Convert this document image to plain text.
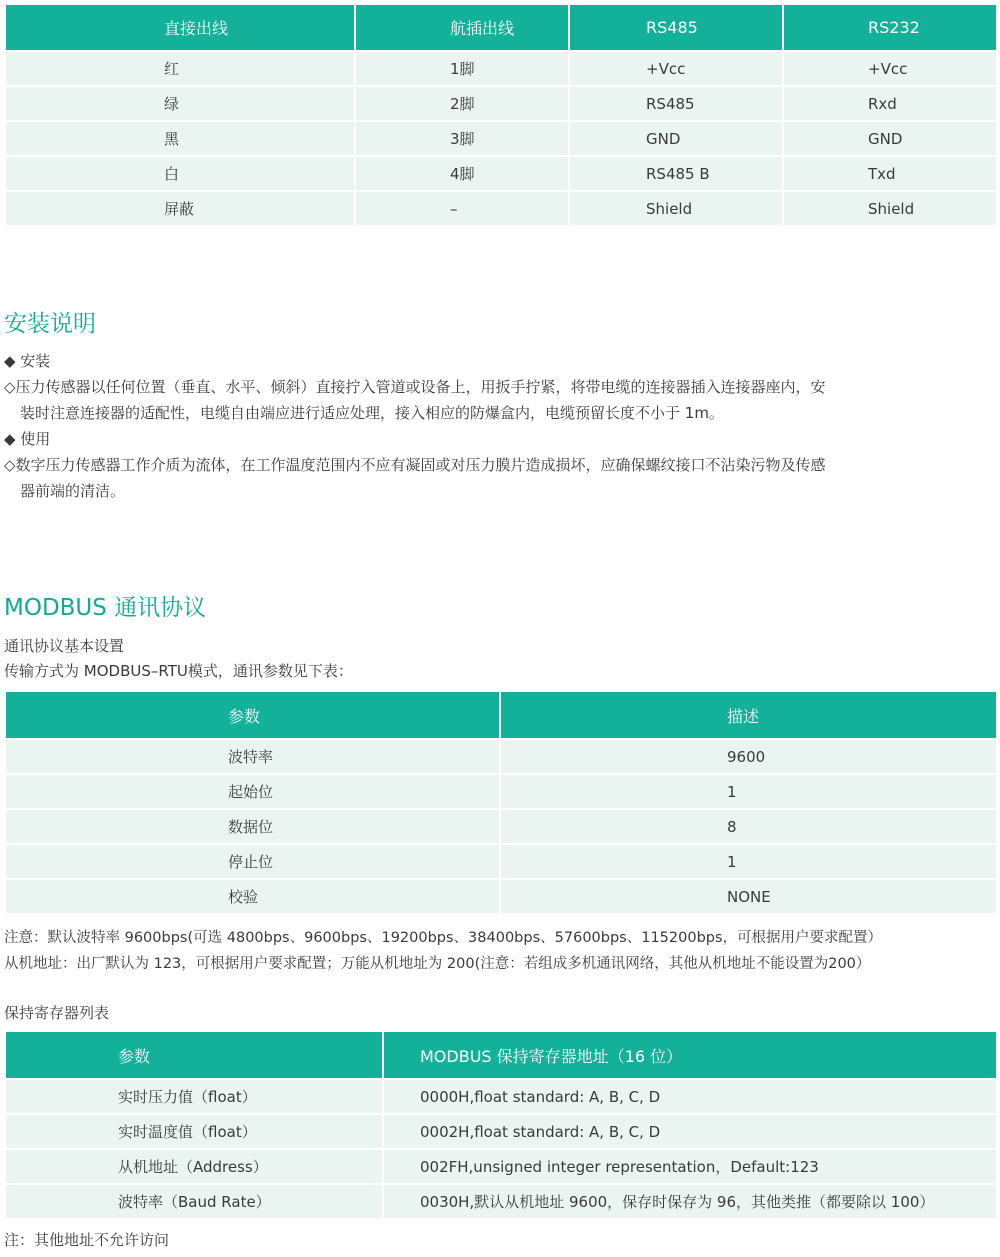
直接出线	航插出线	RS485	RS232
红	1脚	+Vcc	+Vcc
绿	2脚	RS485	Rxd
黑	3脚	GND	GND
白	4脚	RS485 B	Txd
屏蔽	–	Shield	Shield
安装说明
◆ 安装
◇压力传感器以任何位置（垂直、水平、倾斜）直接拧入管道或设备上，用扳手拧紧，将带电缆的连接器插入连接器座内，安
装时注意连接器的适配性，电缆自由端应进行适应处理，接入相应的防爆盒内，电缆预留长度不小于 1m。
◆ 使用
◇数字压力传感器工作介质为流体，在工作温度范围内不应有凝固或对压力膜片造成损坏，应确保螺纹接口不沾染污物及传感
器前端的清洁。
MODBUS 通讯协议
通讯协议基本设置
传输方式为 MODBUS–RTU模式，通讯参数见下表：
参数	描述
波特率	9600
起始位	1
数据位	8
停止位	1
校验	NONE
注意：默认波特率 9600bps(可选 4800bps、9600bps、19200bps、38400bps、57600bps、115200bps，可根据用户要求配置）
从机地址：出厂默认为 123，可根据用户要求配置；万能从机地址为 200(注意：若组成多机通讯网络，其他从机地址不能设置为200）
保持寄存器列表
参数	MODBUS 保持寄存器地址（16 位）
实时压力值（float）	0000H,float standard: A, B, C, D
实时温度值（float）	0002H,float standard: A, B, C, D
从机地址（Address）	002FH,unsigned integer representation，Default:123
波特率（Baud Rate）	0030H,默认从机地址 9600，保存时保存为 96，其他类推（都要除以 100）
注：其他地址不允许访问
